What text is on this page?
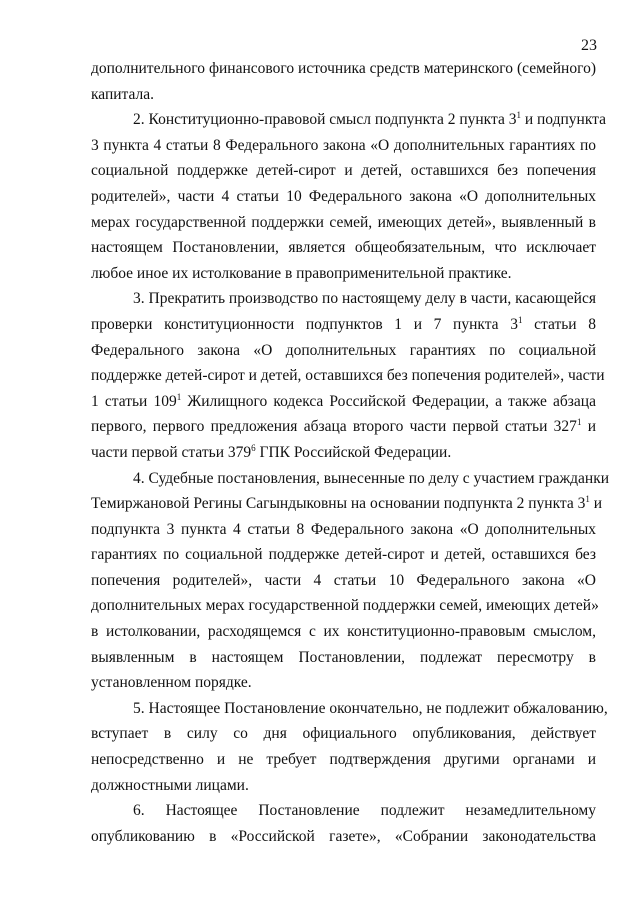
23
дополнительного финансового источника средств материнского (семейного)
капитала.
2. Конституционно-правовой смысл подпункта 2 пункта $3^1$ и подпункта
3 пункта 4 статьи 8 Федерального закона «О дополнительных гарантиях по
социальной поддержке детей-сирот и детей, оставшихся без попечения
родителей», части 4 статьи 10 Федерального закона «О дополнительных
мерах государственной поддержки семей, имеющих детей», выявленный в
настоящем Постановлении, является общеобязательным, что исключает
любое иное их истолкование в правоприменительной практике.
3. Прекратить производство по настоящему делу в части, касающейся
проверки конституционности подпунктов 1 и 7 пункта $3^1$ статьи 8
Федерального закона «О дополнительных гарантиях по социальной
поддержке детей-сирот и детей, оставшихся без попечения родителей», части
1 статьи $109^1$ Жилищного кодекса Российской Федерации, а также абзаца
первого, первого предложения абзаца второго части первой статьи $327^1$ и
части первой статьи $379^6$ ГПК Российской Федерации.
4. Судебные постановления, вынесенные по делу с участием гражданки
Темиржановой Регины Сагындыковны на основании подпункта 2 пункта $3^1$ и
подпункта 3 пункта 4 статьи 8 Федерального закона «О дополнительных
гарантиях по социальной поддержке детей-сирот и детей, оставшихся без
попечения родителей», части 4 статьи 10 Федерального закона «О
дополнительных мерах государственной поддержки семей, имеющих детей»
в истолковании, расходящемся с их конституционно-правовым смыслом,
выявленным в настоящем Постановлении, подлежат пересмотру в
установленном порядке.
5. Настоящее Постановление окончательно, не подлежит обжалованию,
вступает в силу со дня официального опубликования, действует
непосредственно и не требует подтверждения другими органами и
должностными лицами.
6. Настоящее Постановление подлежит незамедлительному
опубликованию в «Российской газете», «Собрании законодательства
